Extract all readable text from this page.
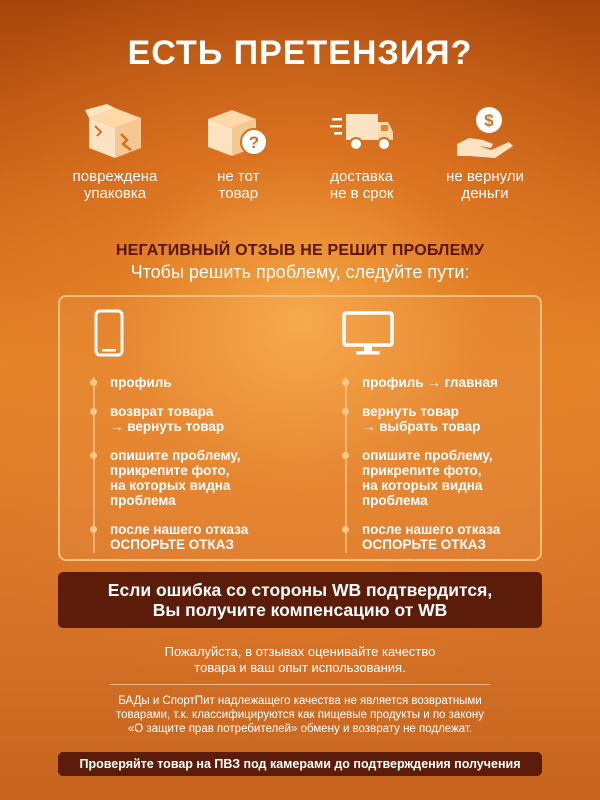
ЕСТЬ ПРЕТЕНЗИЯ?
повреждена
упаковка
?
не тот
товар
доставка
не в срок
$
не вернули
деньги
НЕГАТИВНЫЙ ОТЗЫВ НЕ РЕШИТ ПРОБЛЕМУ
Чтобы решить проблему, следуйте пути:
профиль
возврат товара
→ вернуть товар
опишите проблему,
прикрепите фото,
на которых видна
проблема
после нашего отказа
ОСПОРЬТЕ ОТКАЗ
профиль → главная
вернуть товар
→ выбрать товар
опишите проблему,
прикрепите фото,
на которых видна
проблема
после нашего отказа
ОСПОРЬТЕ ОТКАЗ
Если ошибка со стороны WB подтвердится,
Вы получите компенсацию от WB
Пожалуйста, в отзывах оценивайте качество
товара и ваш опыт использования.
БАДы и СпортПит надлежащего качества не является возвратными
товарами, т.к. классифицируются как пищевые продукты и по закону
«О защите прав потребителей» обмену и возврату не подлежат.
Проверяйте товар на ПВЗ под камерами до подтверждения получения
